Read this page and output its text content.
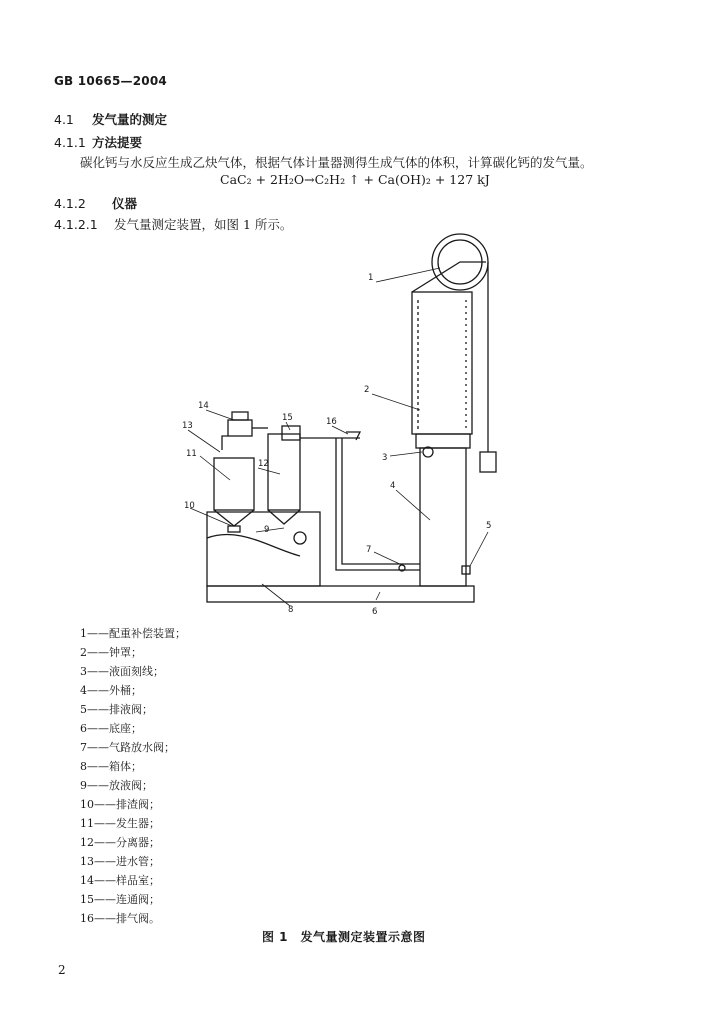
GB 10665—2004
4.1 发气量的测定
4.1.1 方法提要
碳化钙与水反应生成乙炔气体，根据气体计量器测得生成气体的体积，计算碳化钙的发气量。
CaC₂ + 2H₂O→C₂H₂ ↑ + Ca(OH)₂ + 127 kJ
4.1.2 仪器
4.1.2.1 发气量测定装置，如图 1 所示。
1
2
3
4
5
6
7
8
9
10
11
12
13
14
15	16
1——配重补偿装置；
2——钟罩；
3——液面刻线；
4——外桶；
5——排液阀；
6——底座；
7——气路放水阀；
8——箱体；
9——放液阀；
10——排渣阀；
11——发生器；
12——分离器；
13——进水管；
14——样品室；
15——连通阀；
16——排气阀。
图 1　发气量测定装置示意图
2
